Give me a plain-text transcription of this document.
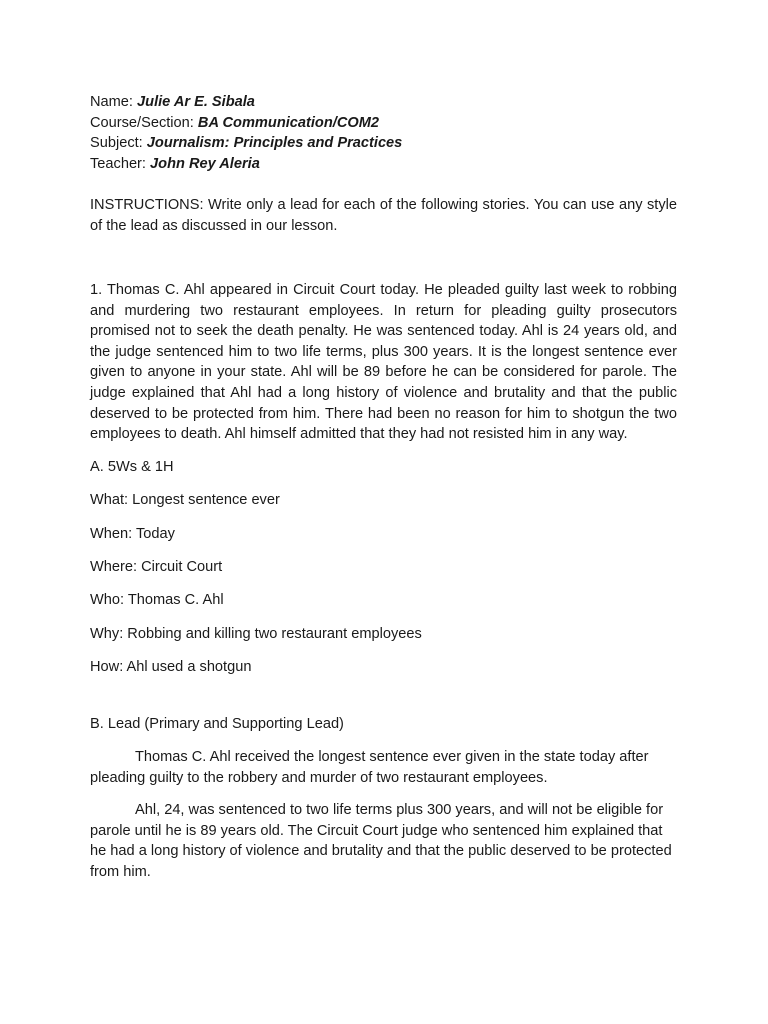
Name: Julie Ar E. Sibala
Course/Section: BA Communication/COM2
Subject: Journalism: Principles and Practices
Teacher: John Rey Aleria
INSTRUCTIONS: Write only a lead for each of the following stories. You can use any style of the lead as discussed in our lesson.
1. Thomas C. Ahl appeared in Circuit Court today. He pleaded guilty last week to robbing and murdering two restaurant employees. In return for pleading guilty prosecutors promised not to seek the death penalty. He was sentenced today. Ahl is 24 years old, and the judge sentenced him to two life terms, plus 300 years. It is the longest sentence ever given to anyone in your state. Ahl will be 89 before he can be considered for parole. The judge explained that Ahl had a long history of violence and brutality and that the public deserved to be protected from him. There had been no reason for him to shotgun the two employees to death. Ahl himself admitted that they had not resisted him in any way.
A. 5Ws & 1H
What: Longest sentence ever
When: Today
Where: Circuit Court
Who: Thomas C. Ahl
Why: Robbing and killing two restaurant employees
How: Ahl used a shotgun
B. Lead (Primary and Supporting Lead)
Thomas C. Ahl received the longest sentence ever given in the state today after pleading guilty to the robbery and murder of two restaurant employees.
Ahl, 24, was sentenced to two life terms plus 300 years, and will not be eligible for parole until he is 89 years old. The Circuit Court judge who sentenced him explained that he had a long history of violence and brutality and that the public deserved to be protected from him.
